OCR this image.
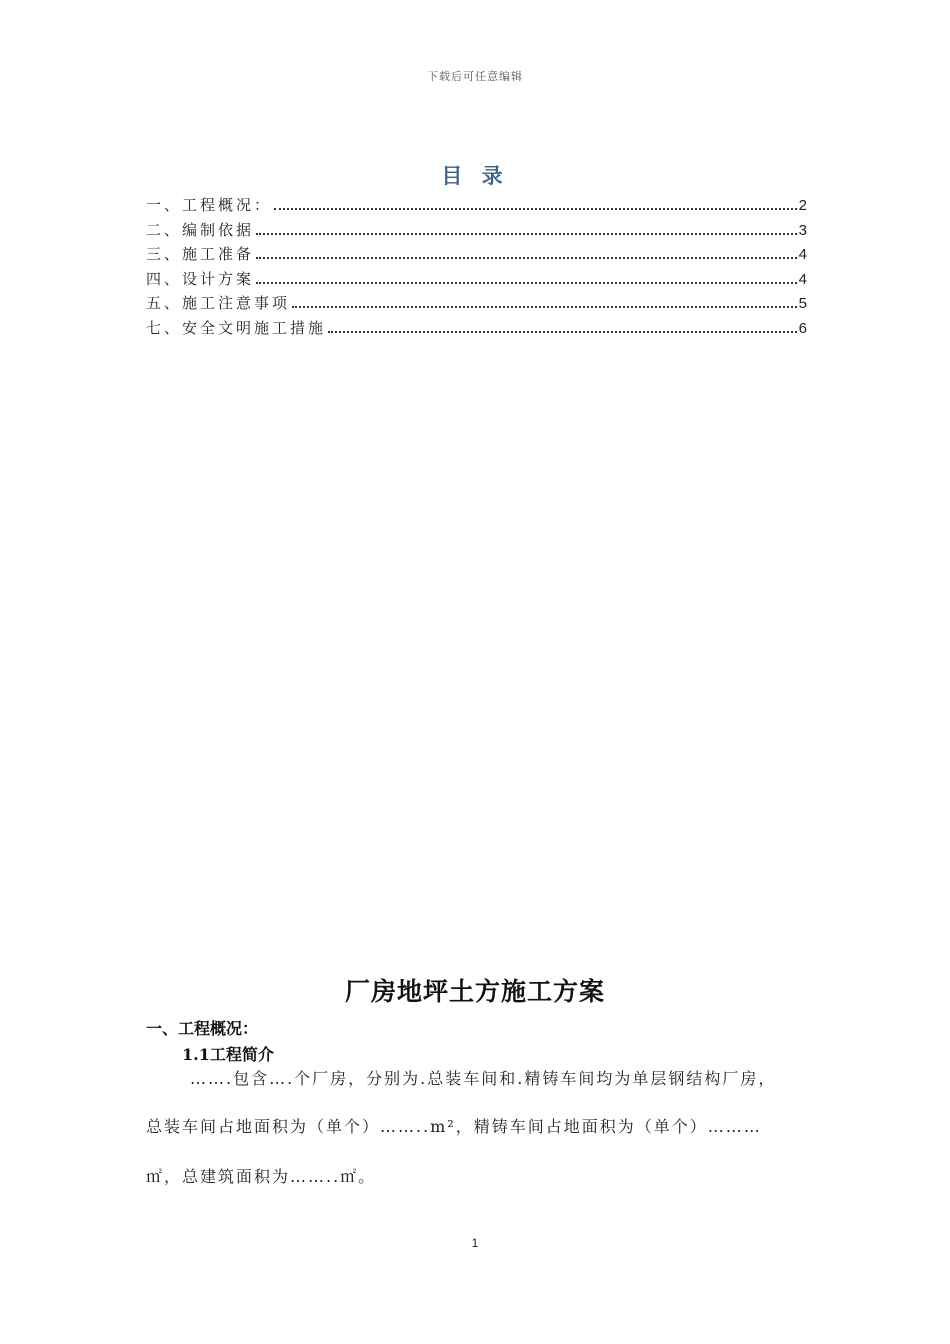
下载后可任意编辑
目 录
一、工程概况：	2
二、编制依据	3
三、施工准备	4
四、设计方案	4
五、施工注意事项	5
七、安全文明施工措施	6
厂房地坪土方施工方案
一、工程概况：
1.1工程简介
…….包含….个厂房，分别为.总装车间和.精铸车间均为单层钢结构厂房，
总装车间占地面积为（单个）……..m²，精铸车间占地面积为（单个）………
㎡，总建筑面积为……..㎡。
1
